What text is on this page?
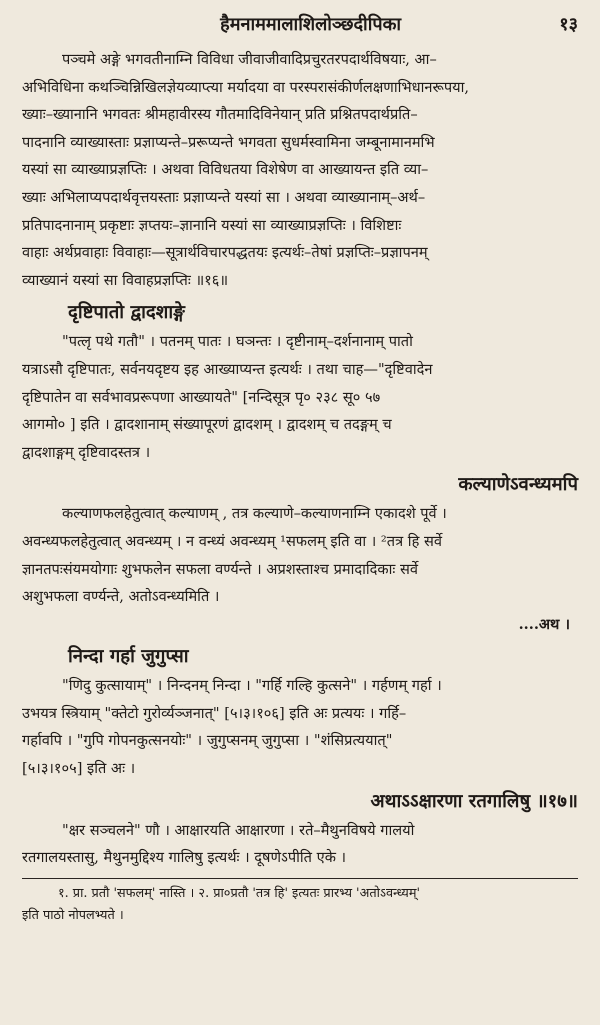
हैमनाममालाशिलोञ्छदीपिका	१३

पञ्चमे अङ्गे भगवतीनाम्नि विविधा जीवाजीवादिप्रचुरतरपदार्थविषयाः, आ–

अभिविधिना कथञ्चिन्निखिलज्ञेयव्याप्त्या मर्यादया वा परस्परासंकीर्णलक्षणाभिधानरूपया,

ख्याः–ख्यानानि भगवतः श्रीमहावीरस्य गौतमादिविनेयान् प्रति प्रश्नितपदार्थप्रति–

पादनानि व्याख्यास्ताः प्रज्ञाप्यन्ते–प्ररूप्यन्ते भगवता सुधर्मस्वामिना जम्बूनामानमभि

यस्यां सा व्याख्याप्रज्ञप्तिः । अथवा विविधतया विशेषेण वा आख्यायन्त इति व्या–

ख्याः अभिलाप्यपदार्थवृत्तयस्ताः प्रज्ञाप्यन्ते यस्यां सा । अथवा व्याख्यानाम्–अर्थ–

प्रतिपादनानाम् प्रकृष्टाः ज्ञप्तयः–ज्ञानानि यस्यां सा व्याख्याप्रज्ञप्तिः । विशिष्टाः

वाहाः अर्थप्रवाहाः विवाहाः—सूत्रार्थविचारपद्धतयः इत्यर्थः–तेषां प्रज्ञप्तिः–प्रज्ञापनम्

व्याख्यानं यस्यां सा विवाहप्रज्ञप्तिः ॥१६॥

दृष्टिपातो द्वादशाङ्गे

"पत्लृ पथे गतौ" । पतनम् पातः । घञन्तः । दृष्टीनाम्–दर्शनानाम् पातो

यत्राऽसौ दृष्टिपातः, सर्वनयदृष्टय इह आख्याप्यन्त इत्यर्थः । तथा चाह—"दृष्टिवादेन

दृष्टिपातेन वा सर्वभावप्ररूपणा आख्यायते" [नन्दिसूत्र पृ० २३८ सू० ५७

आगमो० ] इति । द्वादशानाम् संख्यापूरणं द्वादशम् । द्वादशम् च तदङ्गम् च

द्वादशाङ्गम् दृष्टिवादस्तत्र ।

कल्याणेऽवन्ध्यमपि

कल्याणफलहेतुत्वात् कल्याणम् , तत्र कल्याणे–कल्याणनाम्नि एकादशे पूर्वे ।

अवन्ध्यफलहेतुत्वात् अवन्ध्यम् । न वन्ध्यं अवन्ध्यम् ¹सफलम् इति वा । ²तत्र हि सर्वे

ज्ञानतपःसंयमयोगाः शुभफलेन सफला वर्ण्यन्ते । अप्रशस्ताश्च प्रमादादिकाः सर्वे

अशुभफला वर्ण्यन्ते, अतोऽवन्ध्यमिति ।

....अथ ।

निन्दा गर्हा जुगुप्सा

"णिदु कुत्सायाम्" । निन्दनम् निन्दा । "गर्हि गल्हि कुत्सने" । गर्हणम् गर्हा ।

उभयत्र स्त्रियाम् "क्तेटो गुरोर्व्यञ्जनात्" [५।३।१०६] इति अः प्रत्ययः । गर्हि–

गर्हावपि । "गुपि गोपनकुत्सनयोः" । जुगुप्सनम् जुगुप्सा । "शंसिप्रत्ययात्"

[५।३।१०५] इति अः ।

अथाऽऽक्षारणा रतगालिषु ॥१७॥

"क्षर सञ्चलने" णौ । आक्षारयति आक्षारणा । रते–मैथुनविषये गालयो

रतगालयस्तासु, मैथुनमुद्दिश्य गालिषु इत्यर्थः । दूषणेऽपीति एके ।

१. प्रा. प्रतौ 'सफलम्' नास्ति । २. प्रा०प्रतौ 'तत्र हि' इत्यतः प्रारभ्य 'अतोऽवन्ध्यम्'

इति पाठो नोपलभ्यते ।
